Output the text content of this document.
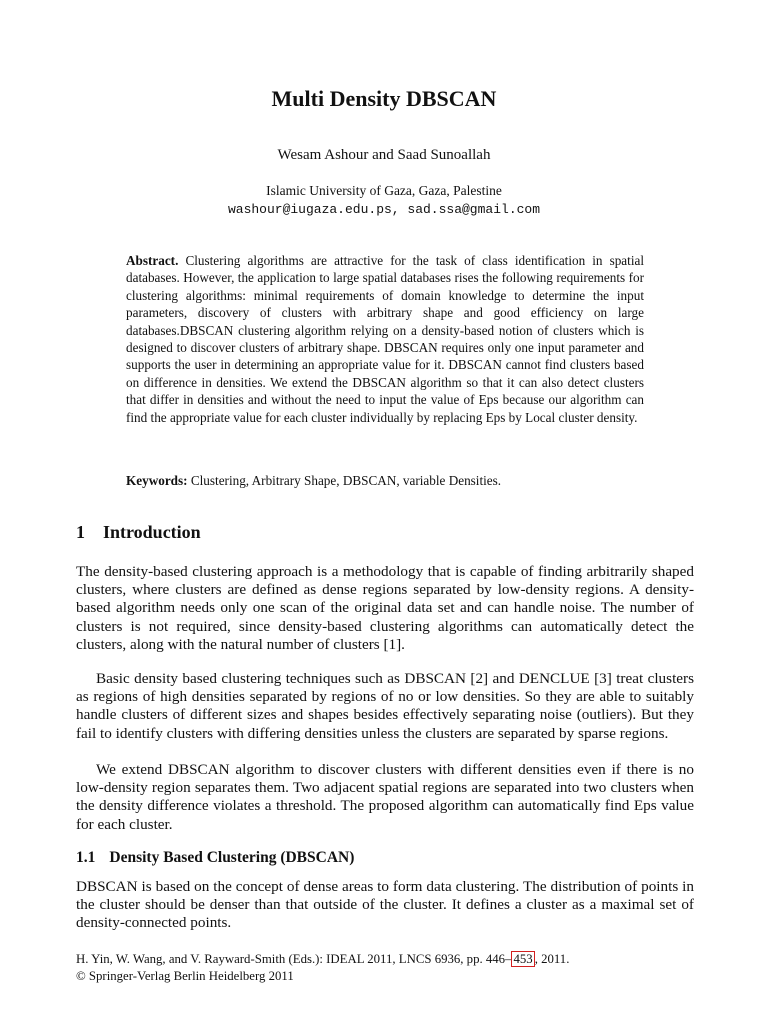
Multi Density DBSCAN
Wesam Ashour and Saad Sunoallah
Islamic University of Gaza, Gaza, Palestine
washour@iugaza.edu.ps, sad.ssa@gmail.com

Abstract. Clustering algorithms are attractive for the task of class identification in spatial databases. However, the application to large spatial databases rises the following requirements for clustering algorithms: minimal requirements of domain knowledge to determine the input parameters, discovery of clusters with arbitrary shape and good efficiency on large databases.DBSCAN clustering algorithm relying on a density-based notion of clusters which is designed to discover clusters of arbitrary shape. DBSCAN requires only one input parameter and supports the user in determining an appropriate value for it. DBSCAN cannot find clusters based on difference in densities. We extend the DBSCAN algorithm so that it can also detect clusters that differ in densities and without the need to input the value of Eps because our algorithm can find the appropriate value for each cluster individually by replacing Eps by Local cluster density.

Keywords: Clustering, Arbitrary Shape, DBSCAN, variable Densities.

1 Introduction

The density-based clustering approach is a methodology that is capable of finding arbitrarily shaped clusters, where clusters are defined as dense regions separated by low-density regions. A density-based algorithm needs only one scan of the original data set and can handle noise. The number of clusters is not required, since density-based clustering algorithms can automatically detect the clusters, along with the natural number of clusters [1].

Basic density based clustering techniques such as DBSCAN [2] and DENCLUE [3] treat clusters as regions of high densities separated by regions of no or low densities. So they are able to suitably handle clusters of different sizes and shapes besides effectively separating noise (outliers). But they fail to identify clusters with differing densities unless the clusters are separated by sparse regions.

We extend DBSCAN algorithm to discover clusters with different densities even if there is no low-density region separates them. Two adjacent spatial regions are separated into two clusters when the density difference violates a threshold. The proposed algorithm can automatically find Eps value for each cluster.

1.1 Density Based Clustering (DBSCAN)

DBSCAN is based on the concept of dense areas to form data clustering. The distribution of points in the cluster should be denser than that outside of the cluster. It defines a cluster as a maximal set of density-connected points.

H. Yin, W. Wang, and V. Rayward-Smith (Eds.): IDEAL 2011, LNCS 6936, pp. 446– 453 , 2011.
© Springer-Verlag Berlin Heidelberg 2011
